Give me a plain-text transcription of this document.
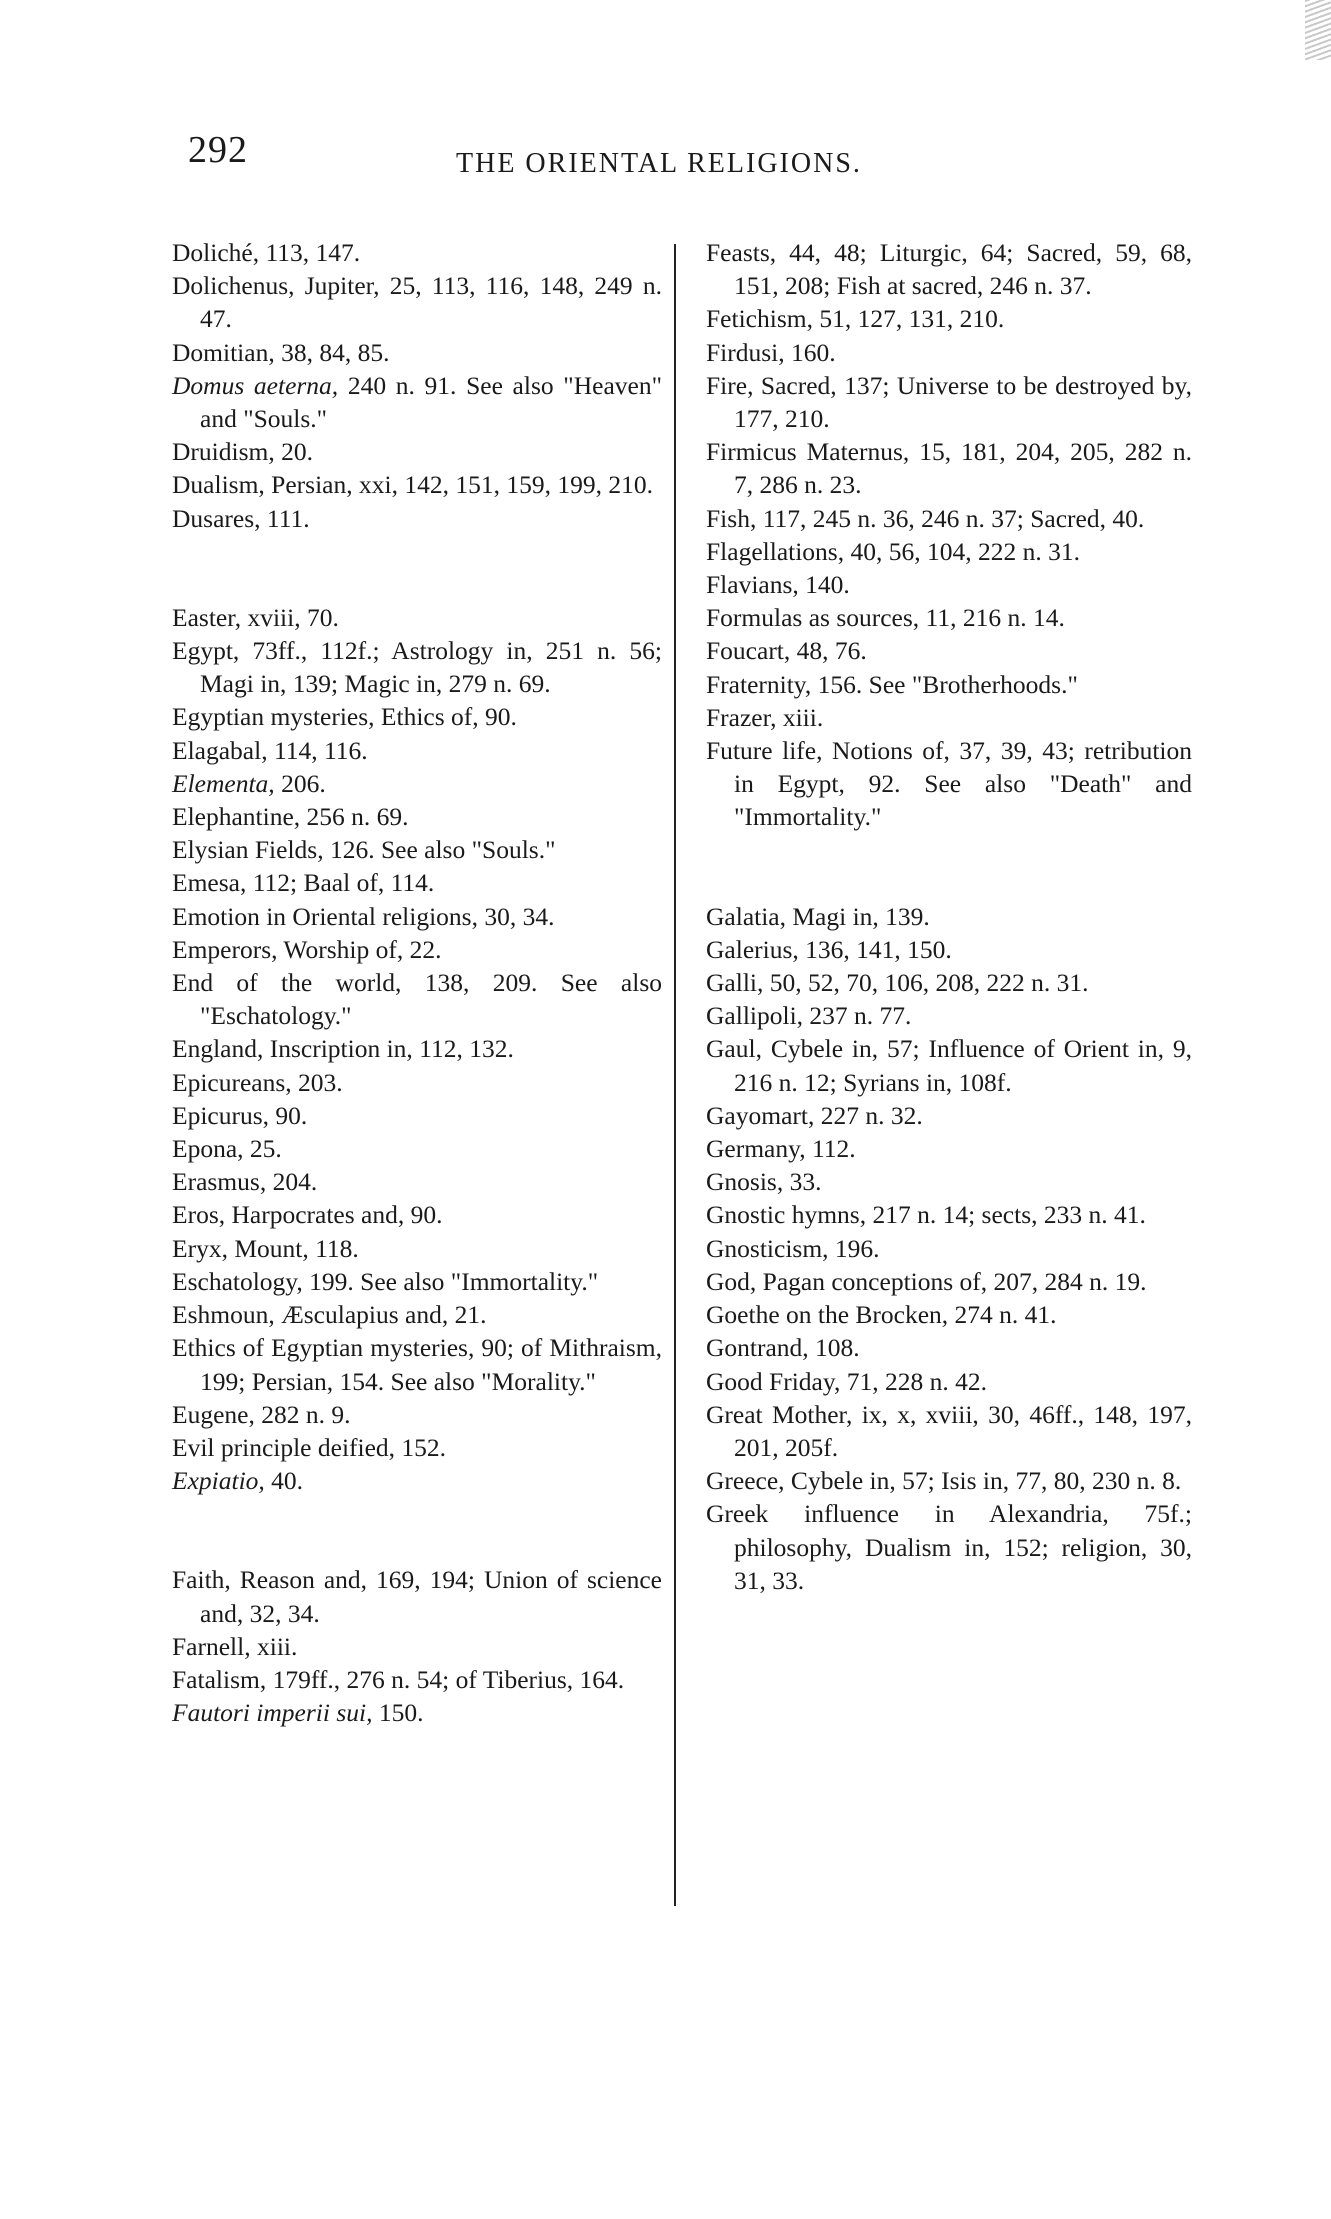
292	THE ORIENTAL RELIGIONS.

Doliché, 113, 147.

Dolichenus, Jupiter, 25, 113, 116, 148, 249 n. 47.

Domitian, 38, 84, 85.

Domus aeterna, 240 n. 91. See also "Heaven" and "Souls."

Druidism, 20.

Dualism, Persian, xxi, 142, 151, 159, 199, 210.

Dusares, 111.

Easter, xviii, 70.

Egypt, 73ff., 112f.; Astrology in, 251 n. 56; Magi in, 139; Magic in, 279 n. 69.

Egyptian mysteries, Ethics of, 90.

Elagabal, 114, 116.

Elementa, 206.

Elephantine, 256 n. 69.

Elysian Fields, 126. See also "Souls."

Emesa, 112; Baal of, 114.

Emotion in Oriental religions, 30, 34.

Emperors, Worship of, 22.

End of the world, 138, 209. See also "Eschatology."

England, Inscription in, 112, 132.

Epicureans, 203.

Epicurus, 90.

Epona, 25.

Erasmus, 204.

Eros, Harpocrates and, 90.

Eryx, Mount, 118.

Eschatology, 199. See also "Immortality."

Eshmoun, Æsculapius and, 21.

Ethics of Egyptian mysteries, 90; of Mithraism, 199; Persian, 154. See also "Morality."

Eugene, 282 n. 9.

Evil principle deified, 152.

Expiatio, 40.

Faith, Reason and, 169, 194; Union of science and, 32, 34.

Farnell, xiii.

Fatalism, 179ff., 276 n. 54; of Tiberius, 164.

Fautori imperii sui, 150.

Feasts, 44, 48; Liturgic, 64; Sacred, 59, 68, 151, 208; Fish at sacred, 246 n. 37.

Fetichism, 51, 127, 131, 210.

Firdusi, 160.

Fire, Sacred, 137; Universe to be destroyed by, 177, 210.

Firmicus Maternus, 15, 181, 204, 205, 282 n. 7, 286 n. 23.

Fish, 117, 245 n. 36, 246 n. 37; Sacred, 40.

Flagellations, 40, 56, 104, 222 n. 31.

Flavians, 140.

Formulas as sources, 11, 216 n. 14.

Foucart, 48, 76.

Fraternity, 156. See "Brotherhoods."

Frazer, xiii.

Future life, Notions of, 37, 39, 43; retribution in Egypt, 92. See also "Death" and "Immortality."

Galatia, Magi in, 139.

Galerius, 136, 141, 150.

Galli, 50, 52, 70, 106, 208, 222 n. 31.

Gallipoli, 237 n. 77.

Gaul, Cybele in, 57; Influence of Orient in, 9, 216 n. 12; Syrians in, 108f.

Gayomart, 227 n. 32.

Germany, 112.

Gnosis, 33.

Gnostic hymns, 217 n. 14; sects, 233 n. 41.

Gnosticism, 196.

God, Pagan conceptions of, 207, 284 n. 19.

Goethe on the Brocken, 274 n. 41.

Gontrand, 108.

Good Friday, 71, 228 n. 42.

Great Mother, ix, x, xviii, 30, 46ff., 148, 197, 201, 205f.

Greece, Cybele in, 57; Isis in, 77, 80, 230 n. 8.

Greek influence in Alexandria, 75f.; philosophy, Dualism in, 152; religion, 30, 31, 33.
